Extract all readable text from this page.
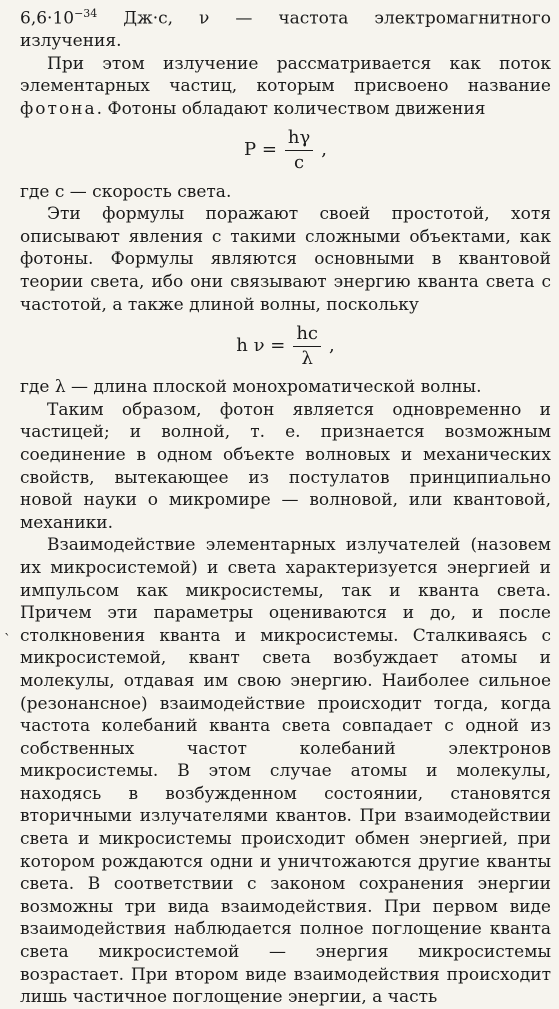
$6,6\cdot 10^{-34}$ Дж·с, ν — частота электромагнитного излучения.

При этом излучение рассматривается как поток элементарных частиц, которым присвоено название фотона. Фотоны обладают количеством движения

$P = \frac{h\gamma}{c}$ ,

где c — скорость света.

Эти формулы поражают своей простотой, хотя описывают явления с такими сложными объектами, как фотоны. Формулы являются основными в квантовой теории света, ибо они связывают энергию кванта света с частотой, а также длиной волны, поскольку

h $\nu = \frac{hc}{\lambda}$ ,

где λ — длина плоской монохроматической волны.

Таким образом, фотон является одновременно и частицей; и волной, т. е. признается возможным соединение в одном объекте волновых и механических свойств, вытекающее из постулатов принципиально новой науки о микромире — волновой, или квантовой, механики.

Взаимодействие элементарных излучателей (назовем их микросистемой) и света характеризуется энергией и импульсом как микросистемы, так и кванта света. Причем эти параметры оцениваются и до, и после столкновения кванта и микросистемы. Сталкиваясь с микросистемой, квант света возбуждает атомы и молекулы, отдавая им свою энергию. Наиболее сильное (резонансное) взаимодействие происходит тогда, когда частота колебаний кванта света совпадает с одной из собственных частот колебаний электронов микросистемы. В этом случае атомы и молекулы, находясь в возбужденном состоянии, становятся вторичными излучателями квантов. При взаимодействии света и микросистемы происходит обмен энергией, при котором рождаются одни и уничтожаются другие кванты света. В соответствии с законом сохранения энергии возможны три вида взаимодействия. При первом виде взаимодействия наблюдается полное поглощение кванта света микросистемой — энергия микросистемы возрастает. При втором виде взаимодействия происходит лишь частичное поглощение энергии, а часть

`
